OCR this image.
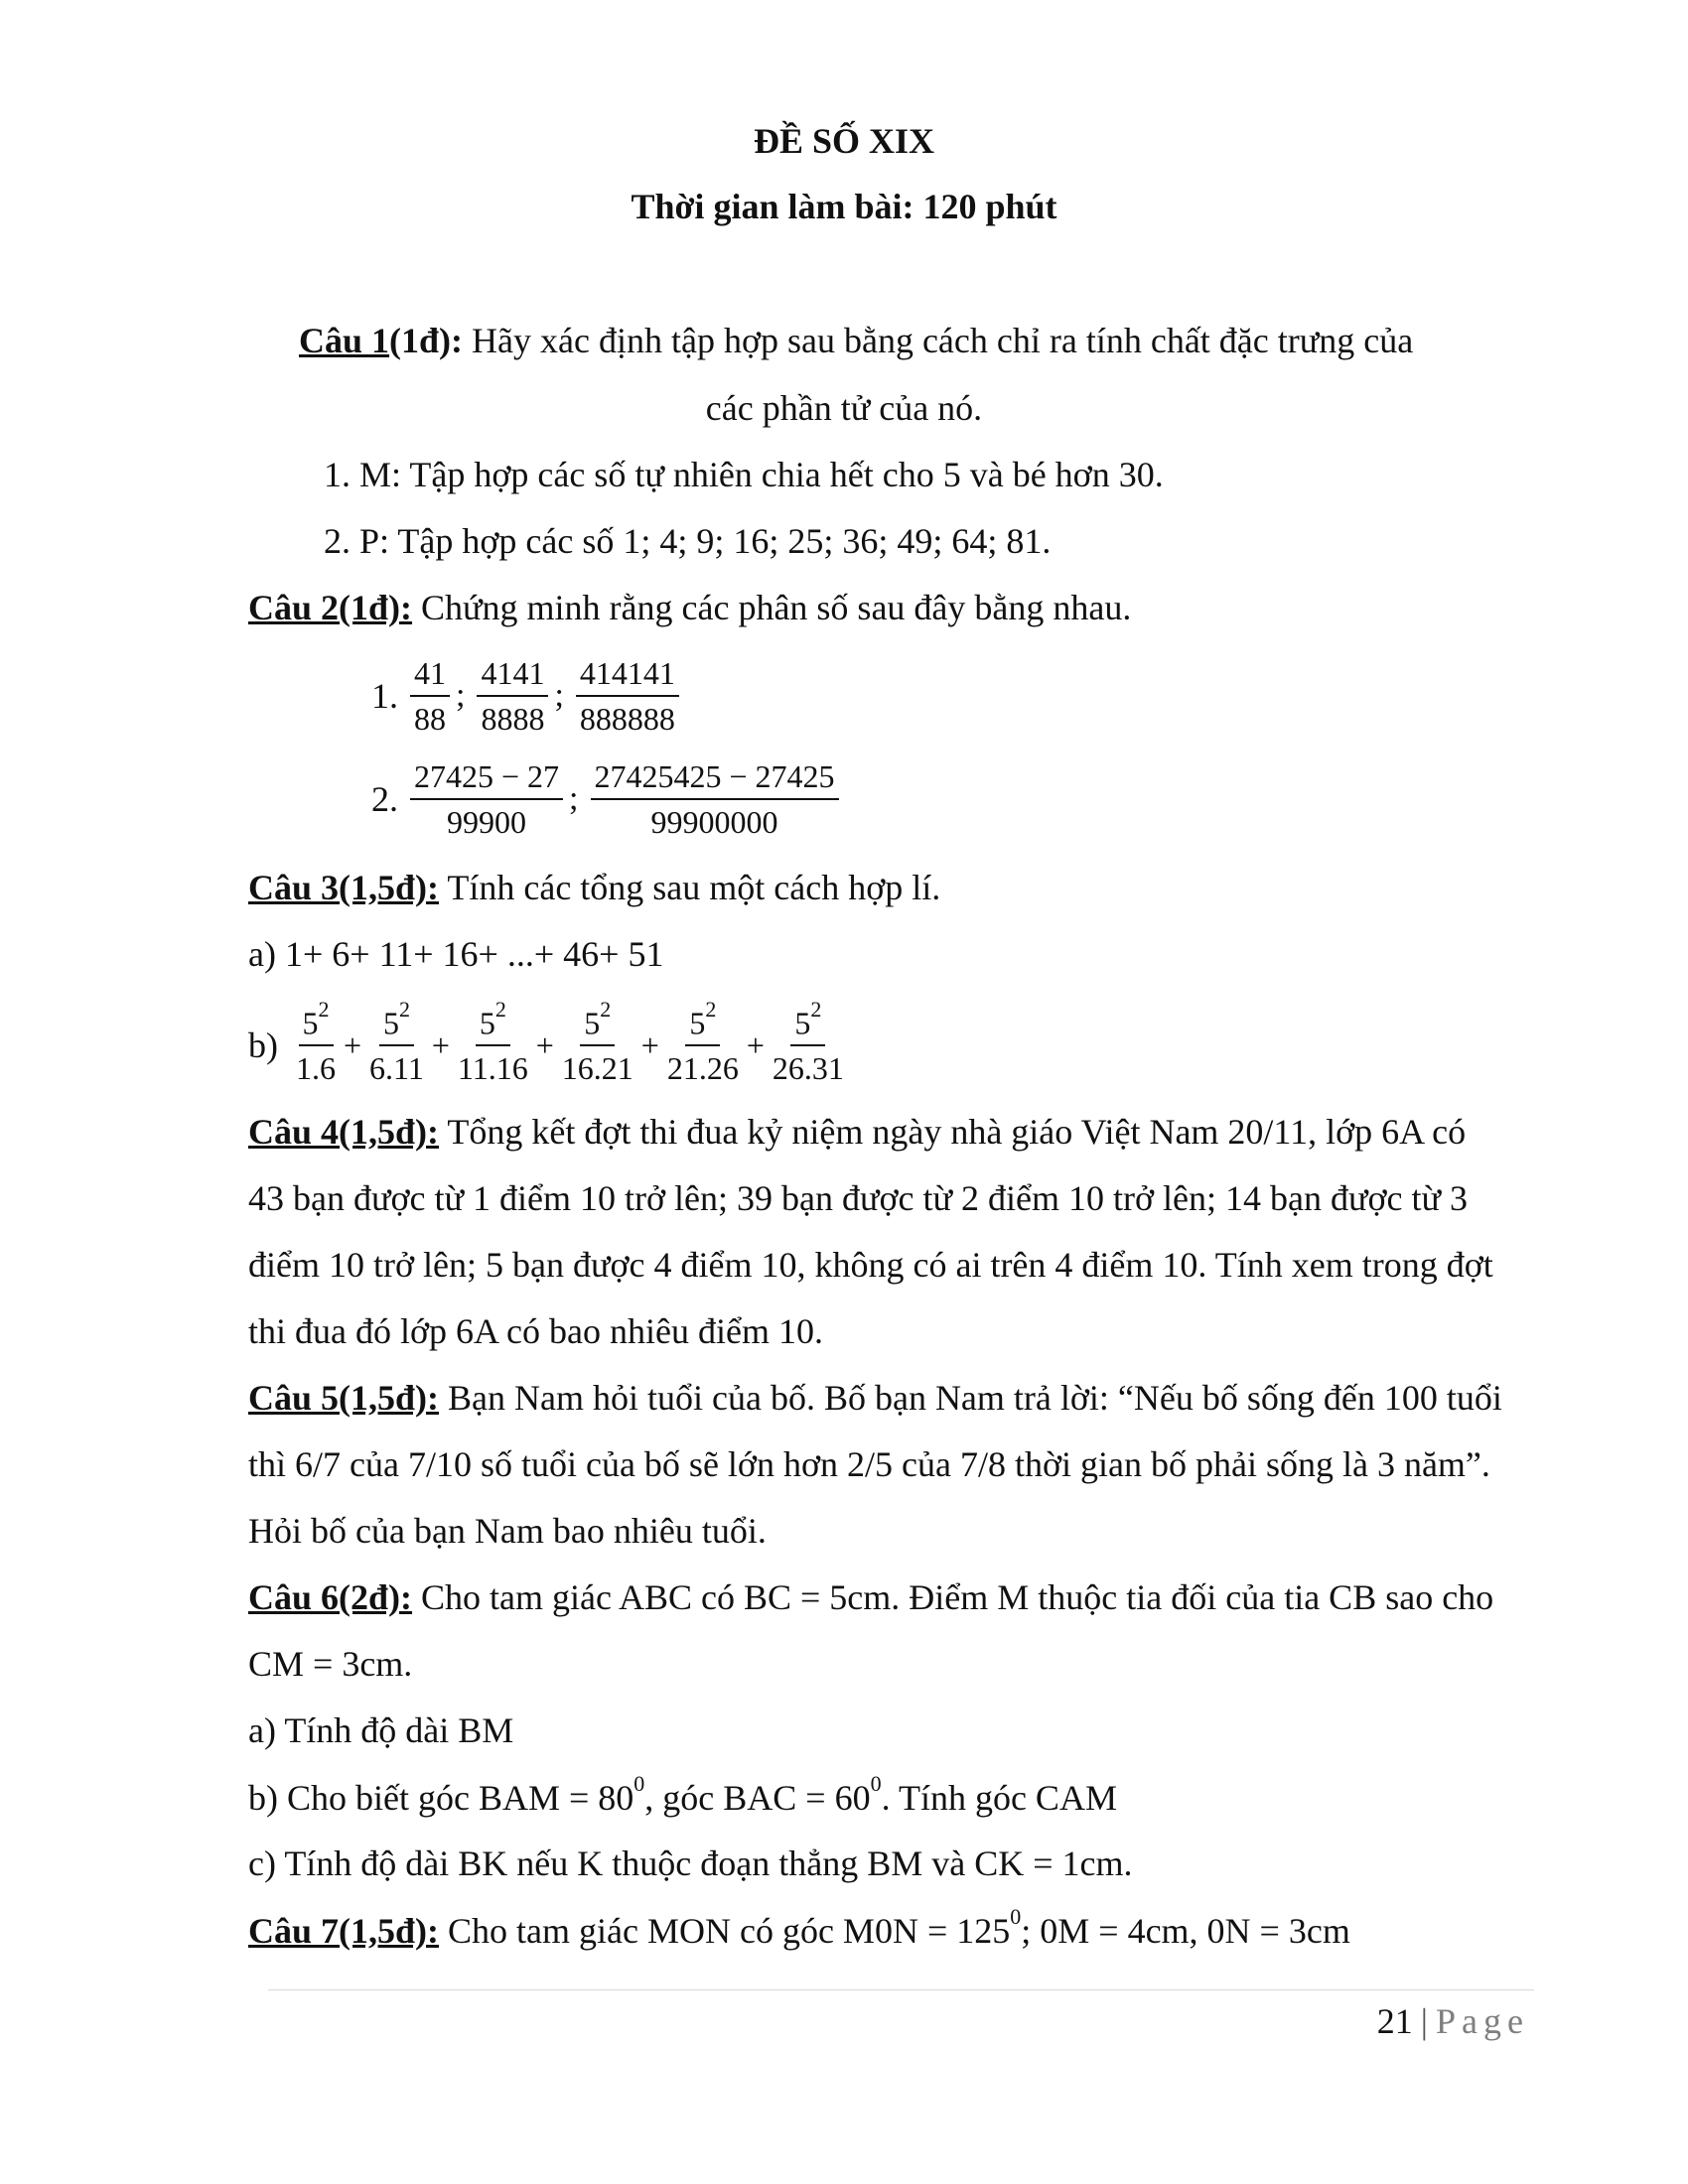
ĐỀ SỐ XIX
Thời gian làm bài: 120 phút
Câu 1(1đ): Hãy xác định tập hợp sau bằng cách chỉ ra tính chất đặc trưng của
các phần tử của nó.
1. M: Tập hợp các số tự nhiên chia hết cho 5 và bé hơn 30.
2. P: Tập hợp các số 1; 4; 9; 16; 25; 36; 49; 64; 81.
Câu 2(1đ): Chứng minh rằng các phân số sau đây bằng nhau.
1. $\frac{41}{88}$ ; $\frac{4141}{8888}$ ; $\frac{414141}{888888}$
2. $\frac{27425 - 27}{99900}$ ; $\frac{27425425 - 27425}{99900000}$
Câu 3(1,5đ): Tính các tổng sau một cách hợp lí.
a) 1+ 6+ 11+ 16+ ...+ 46+ 51
$b) \frac{5^2}{1.6} + \frac{5^2}{6.11} + \frac{5^2}{11.16} + \frac{5^2}{16.21} + \frac{5^2}{21.26} + \frac{5^2}{26.31}$
Câu 4(1,5đ): Tổng kết đợt thi đua kỷ niệm ngày nhà giáo Việt Nam 20/11, lớp 6A có
43 bạn được từ 1 điểm 10 trở lên; 39 bạn được từ 2 điểm 10 trở lên; 14 bạn được từ 3
điểm 10 trở lên; 5 bạn được 4 điểm 10, không có ai trên 4 điểm 10. Tính xem trong đợt
thi đua đó lớp 6A có bao nhiêu điểm 10.
Câu 5(1,5đ): Bạn Nam hỏi tuổi của bố. Bố bạn Nam trả lời: “Nếu bố sống đến 100 tuổi
thì 6/7 của 7/10 số tuổi của bố sẽ lớn hơn 2/5 của 7/8 thời gian bố phải sống là 3 năm”.
Hỏi bố của bạn Nam bao nhiêu tuổi.
Câu 6(2đ): Cho tam giác ABC có BC = 5cm. Điểm M thuộc tia đối của tia CB sao cho
CM = 3cm.
a) Tính độ dài BM
b) Cho biết góc BAM = $80^0$, góc BAC = $60^0$. Tính góc CAM
c) Tính độ dài BK nếu K thuộc đoạn thẳng BM và CK = 1cm.
Câu 7(1,5đ): Cho tam giác MON có góc $M0N = 125^0$; 0M = 4cm, 0N = 3cm
21 | Page
